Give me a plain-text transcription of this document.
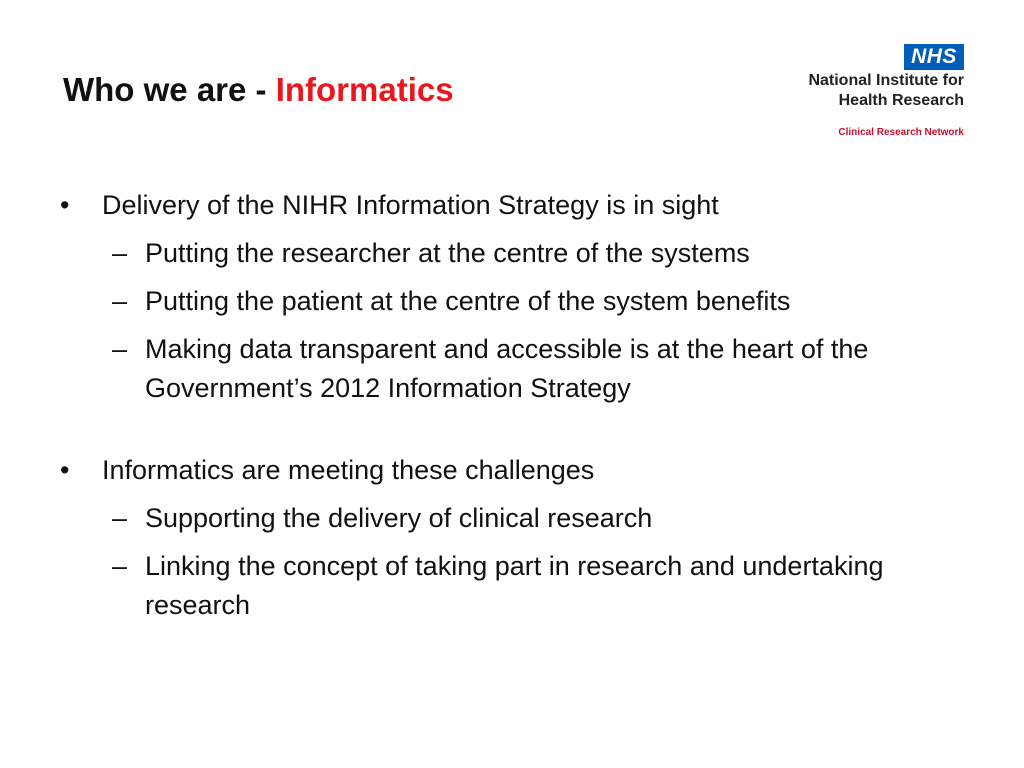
Who we are - Informatics
NHS
National Institute for
Health Research
Clinical Research Network
•	Delivery of the NIHR Information Strategy is in sight
– Putting the researcher at the centre of the systems
– Putting the patient at the centre of the system benefits
– Making data transparent and accessible is at the heart of the Government’s 2012 Information Strategy
•	Informatics are meeting these challenges
– Supporting the delivery of clinical research
– Linking the concept of taking part in research and undertaking research
